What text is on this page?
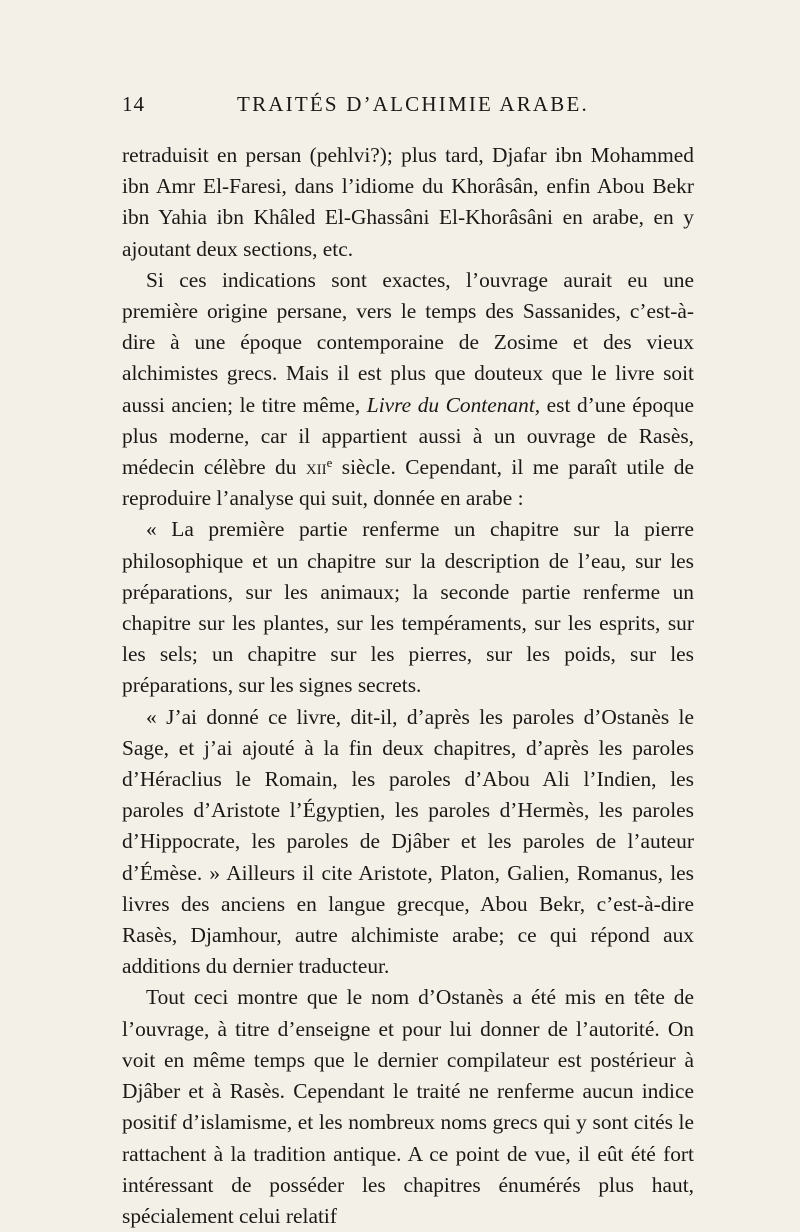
14	TRAITÉS D’ALCHIMIE ARABE.

retraduisit en persan (pehlvi?); plus tard, Djafar ibn Mohammed ibn Amr El-Faresi, dans l’idiome du Khorâsân, enfin Abou Bekr ibn Yahia ibn Khâled El-Ghassâni El-Khorâsâni en arabe, en y ajoutant deux sections, etc.

Si ces indications sont exactes, l’ouvrage aurait eu une première origine persane, vers le temps des Sassanides, c’est-à-dire à une époque contemporaine de Zosime et des vieux alchimistes grecs. Mais il est plus que douteux que le livre soit aussi ancien; le titre même, Livre du Contenant, est d’une époque plus moderne, car il appartient aussi à un ouvrage de Rasès, médecin célèbre du xii$^e$ siècle. Cependant, il me paraît utile de reproduire l’analyse qui suit, donnée en arabe :

« La première partie renferme un chapitre sur la pierre philosophique et un chapitre sur la description de l’eau, sur les préparations, sur les animaux; la seconde partie renferme un chapitre sur les plantes, sur les tempéraments, sur les esprits, sur les sels; un chapitre sur les pierres, sur les poids, sur les préparations, sur les signes secrets.

« J’ai donné ce livre, dit-il, d’après les paroles d’Ostanès le Sage, et j’ai ajouté à la fin deux chapitres, d’après les paroles d’Héraclius le Romain, les paroles d’Abou Ali l’Indien, les paroles d’Aristote l’Égyptien, les paroles d’Hermès, les paroles d’Hippocrate, les paroles de Djâber et les paroles de l’auteur d’Émèse. » Ailleurs il cite Aristote, Platon, Galien, Romanus, les livres des anciens en langue grecque, Abou Bekr, c’est-à-dire Rasès, Djamhour, autre alchimiste arabe; ce qui répond aux additions du dernier traducteur.

Tout ceci montre que le nom d’Ostanès a été mis en tête de l’ouvrage, à titre d’enseigne et pour lui donner de l’autorité. On voit en même temps que le dernier compilateur est postérieur à Djâber et à Rasès. Cependant le traité ne renferme aucun indice positif d’islamisme, et les nombreux noms grecs qui y sont cités le rattachent à la tradition antique. A ce point de vue, il eût été fort intéressant de posséder les chapitres énumérés plus haut, spécialement celui relatif
